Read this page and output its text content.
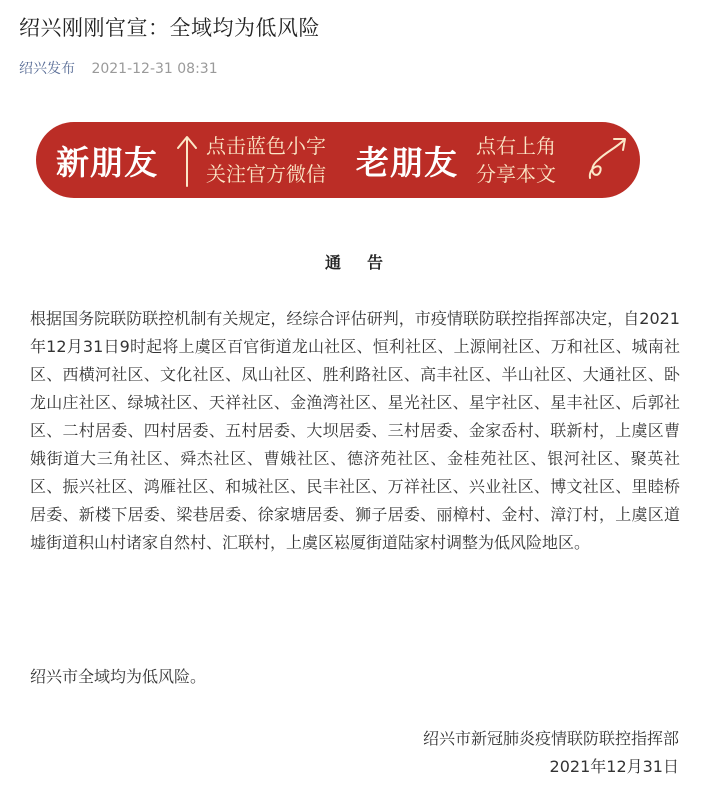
绍兴刚刚官宣：全域均为低风险
绍兴发布 2021-12-31 08:31
新朋友 点击蓝色小字
关注官方微信 老朋友 点右上角
分享本文
通告

根据国务院联防联控机制有关规定，经综合评估研判，市疫情联防联控指挥部决定，自2021年12月31日9时起将上虞区百官街道龙山社区、恒利社区、上源闸社区、万和社区、城南社区、西横河社区、文化社区、凤山社区、胜利路社区、高丰社区、半山社区、大通社区、卧龙山庄社区、绿城社区、天祥社区、金渔湾社区、星光社区、星宇社区、星丰社区、后郭社区、二村居委、四村居委、五村居委、大坝居委、三村居委、金家岙村、联新村，上虞区曹娥街道大三角社区、舜杰社区、曹娥社区、德济苑社区、金桂苑社区、银河社区、聚英社区、振兴社区、鸿雁社区、和城社区、民丰社区、万祥社区、兴业社区、博文社区、里睦桥居委、新楼下居委、梁巷居委、徐家塘居委、狮子居委、丽樟村、金村、漳汀村，上虞区道墟街道积山村诸家自然村、汇联村，上虞区崧厦街道陆家村调整为低风险地区。

绍兴市全域均为低风险。

绍兴市新冠肺炎疫情联防联控指挥部
2021年12月31日
